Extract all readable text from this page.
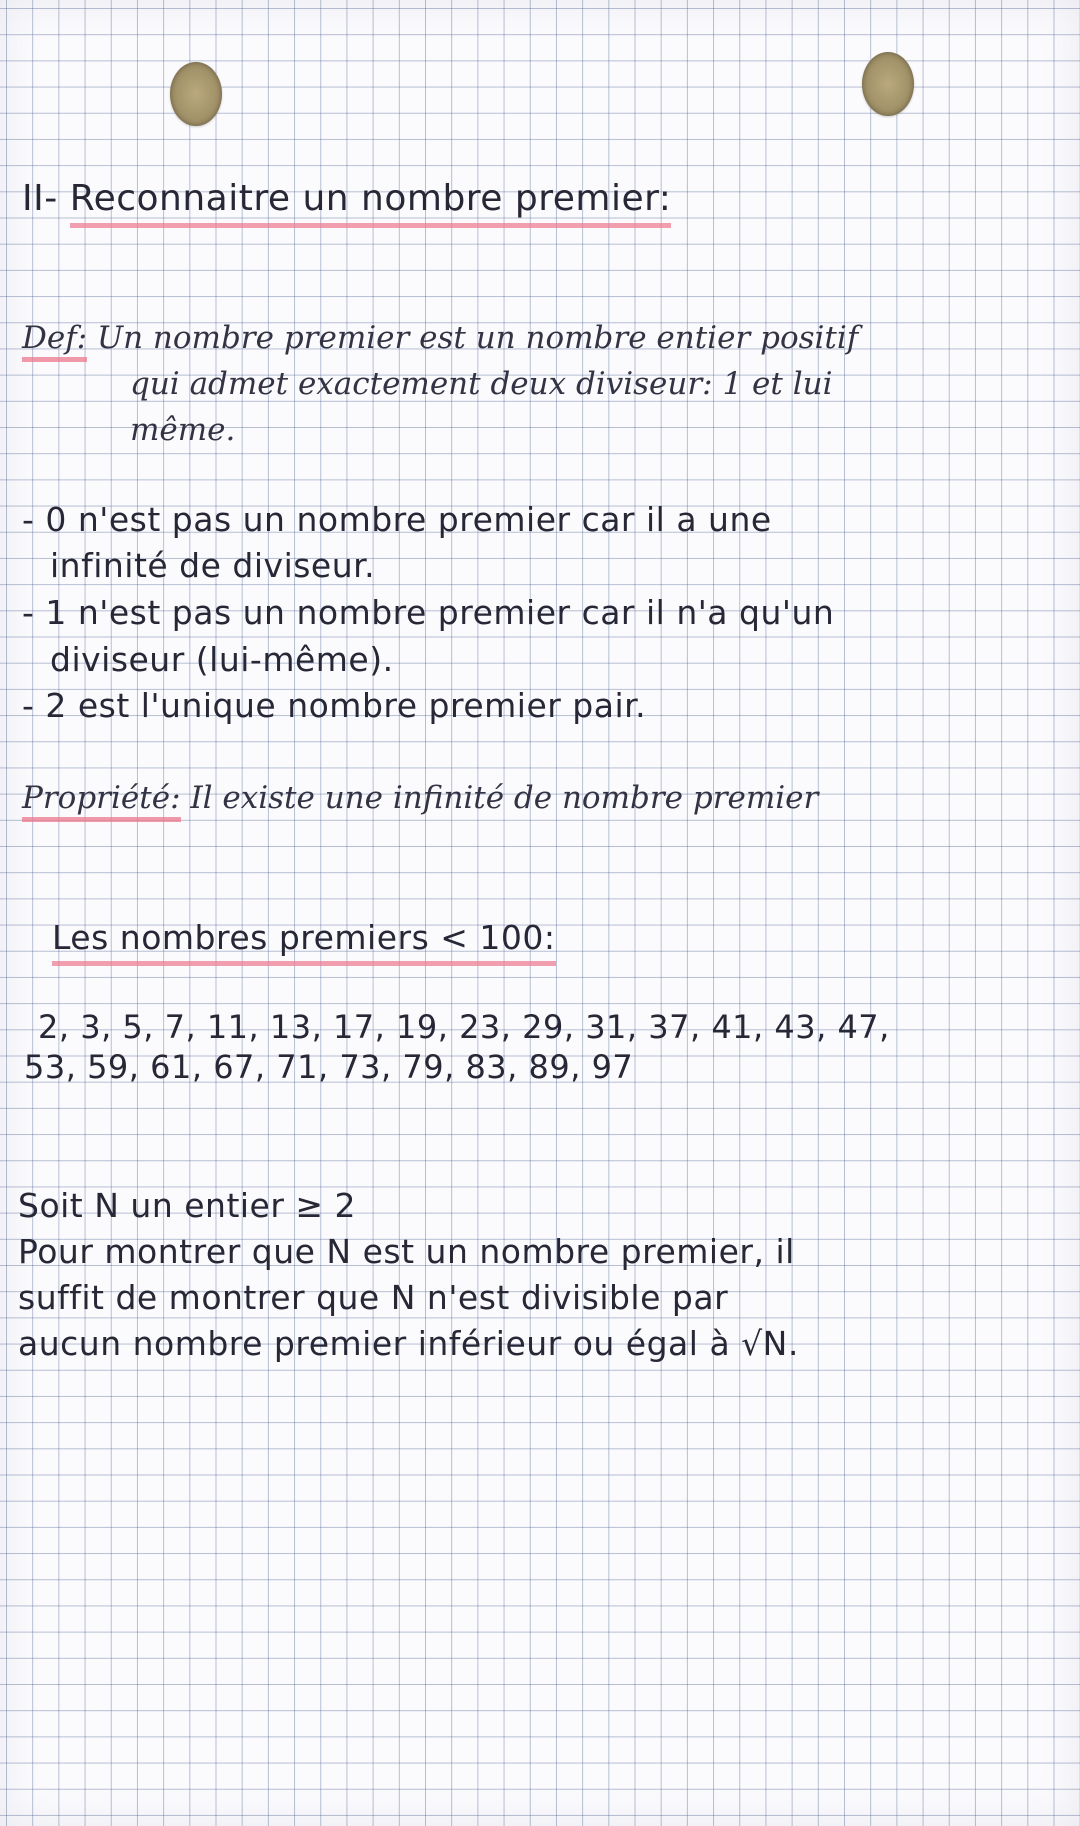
II- Reconnaitre un nombre premier:
Def: Un nombre premier est un nombre entier positif
qui admet exactement deux diviseur: 1 et lui
même.
- 0 n'est pas un nombre premier car il a une
infinité de diviseur.
- 1 n'est pas un nombre premier car il n'a qu'un
diviseur (lui-même).
- 2 est l'unique nombre premier pair.
Propriété: Il existe une infinité de nombre premier
Les nombres premiers < 100:
2, 3, 5, 7, 11, 13, 17, 19, 23, 29, 31, 37, 41, 43, 47,
53, 59, 61, 67, 71, 73, 79, 83, 89, 97
Soit N un entier ≥ 2
Pour montrer que N est un nombre premier, il
suffit de montrer que N n'est divisible par
aucun nombre premier inférieur ou égal à √N.
